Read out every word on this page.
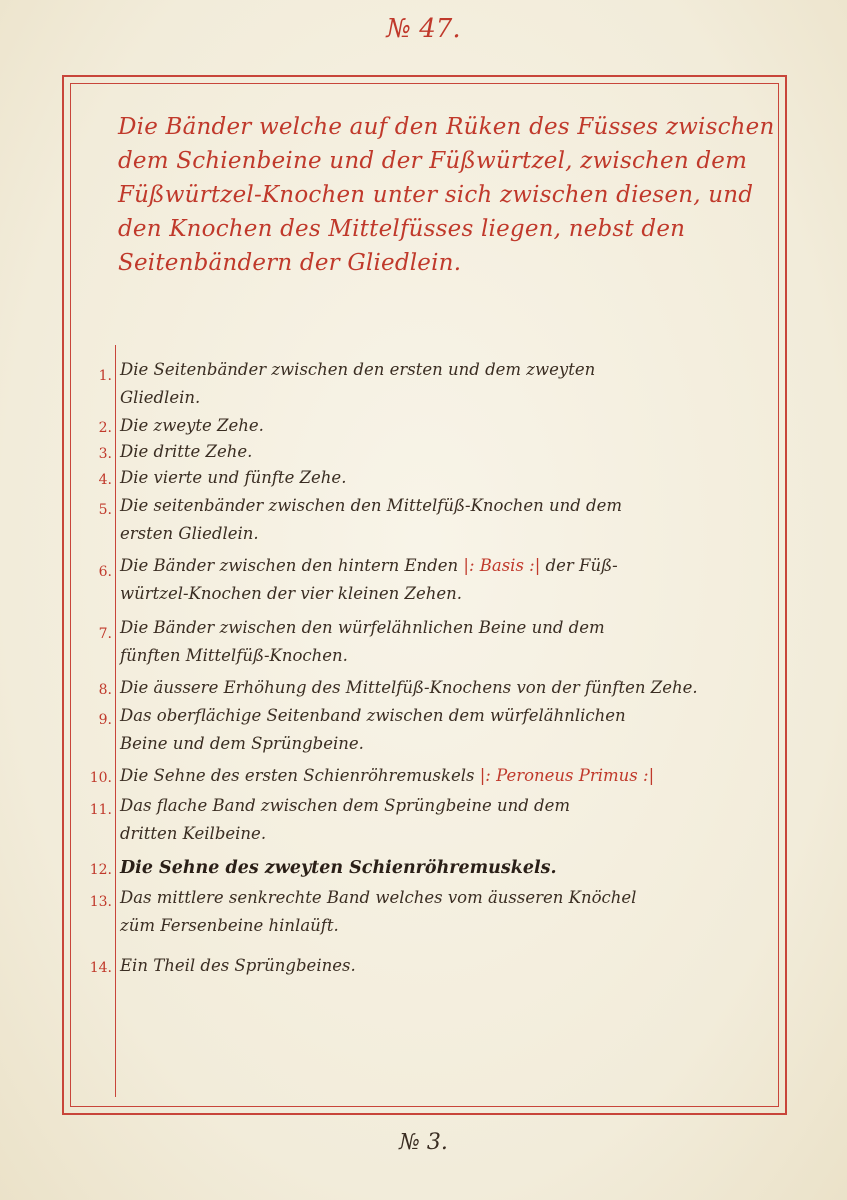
№ 47.
Die Bänder welche auf den Rüken des Füsses zwischen dem Schienbeine und der Füßwürtzel, zwischen dem Füßwürtzel-Knochen unter sich zwischen diesen, und den Knochen des Mittelfüsses liegen, nebst den Seitenbändern der Gliedlein.
1. Die Seitenbänder zwischen den ersten und dem zweyten
Gliedlein.
2. Die zweyte Zehe.
3. Die dritte Zehe.
4. Die vierte und fünfte Zehe.
5. Die seitenbänder zwischen den Mittelfüß-Knochen und dem
ersten Gliedlein.
6. Die Bänder zwischen den hintern Enden |: Basis :| der Füß-
würtzel-Knochen der vier kleinen Zehen.
7. Die Bänder zwischen den würfelähnlichen Beine und dem
fünften Mittelfüß-Knochen.
8. Die äussere Erhöhung des Mittelfüß-Knochens von der fünften Zehe.
9. Das oberflächige Seitenband zwischen dem würfelähnlichen
Beine und dem Sprüngbeine.
10. Die Sehne des ersten Schienröhremuskels |: Peroneus Primus :|
11. Das flache Band zwischen dem Sprüngbeine und dem
dritten Keilbeine.
12. Die Sehne des zweyten Schienröhremuskels.
13. Das mittlere senkrechte Band welches vom äusseren Knöchel
züm Fersenbeine hinlaüft.
14. Ein Theil des Sprüngbeines.
№ 3.
